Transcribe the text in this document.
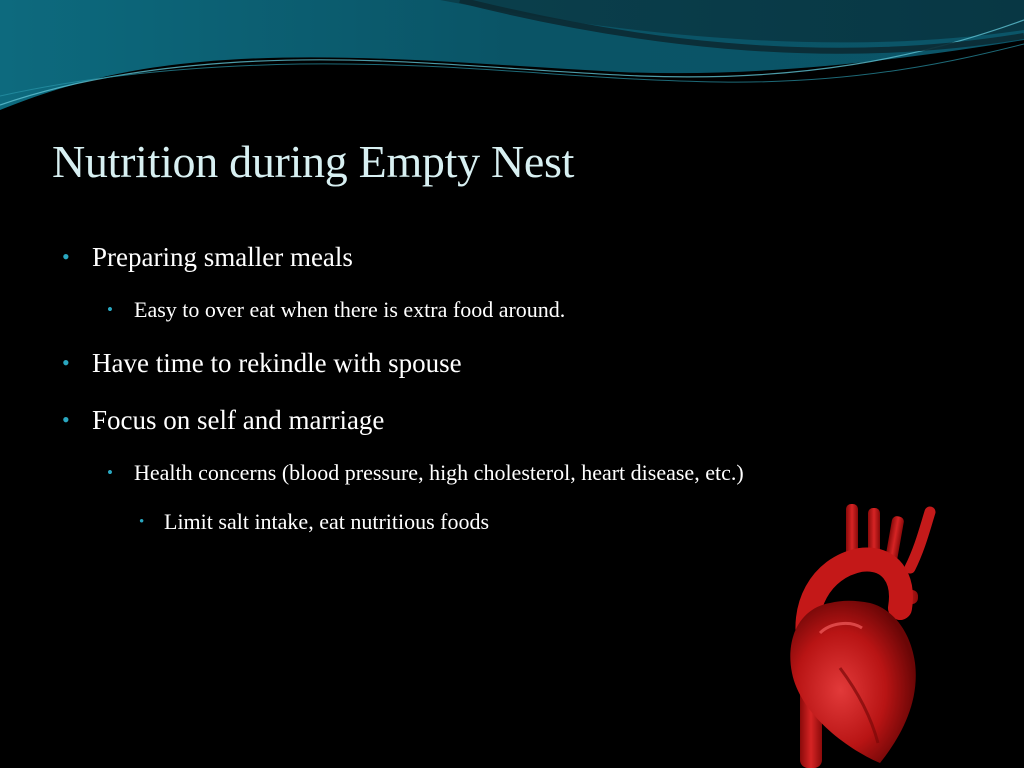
Nutrition during Empty Nest
• Preparing smaller meals
• Easy to over eat when there is extra food around.
• Have time to rekindle with spouse
• Focus on self and marriage
• Health concerns (blood pressure, high cholesterol, heart disease, etc.)
• Limit salt intake, eat nutritious foods
